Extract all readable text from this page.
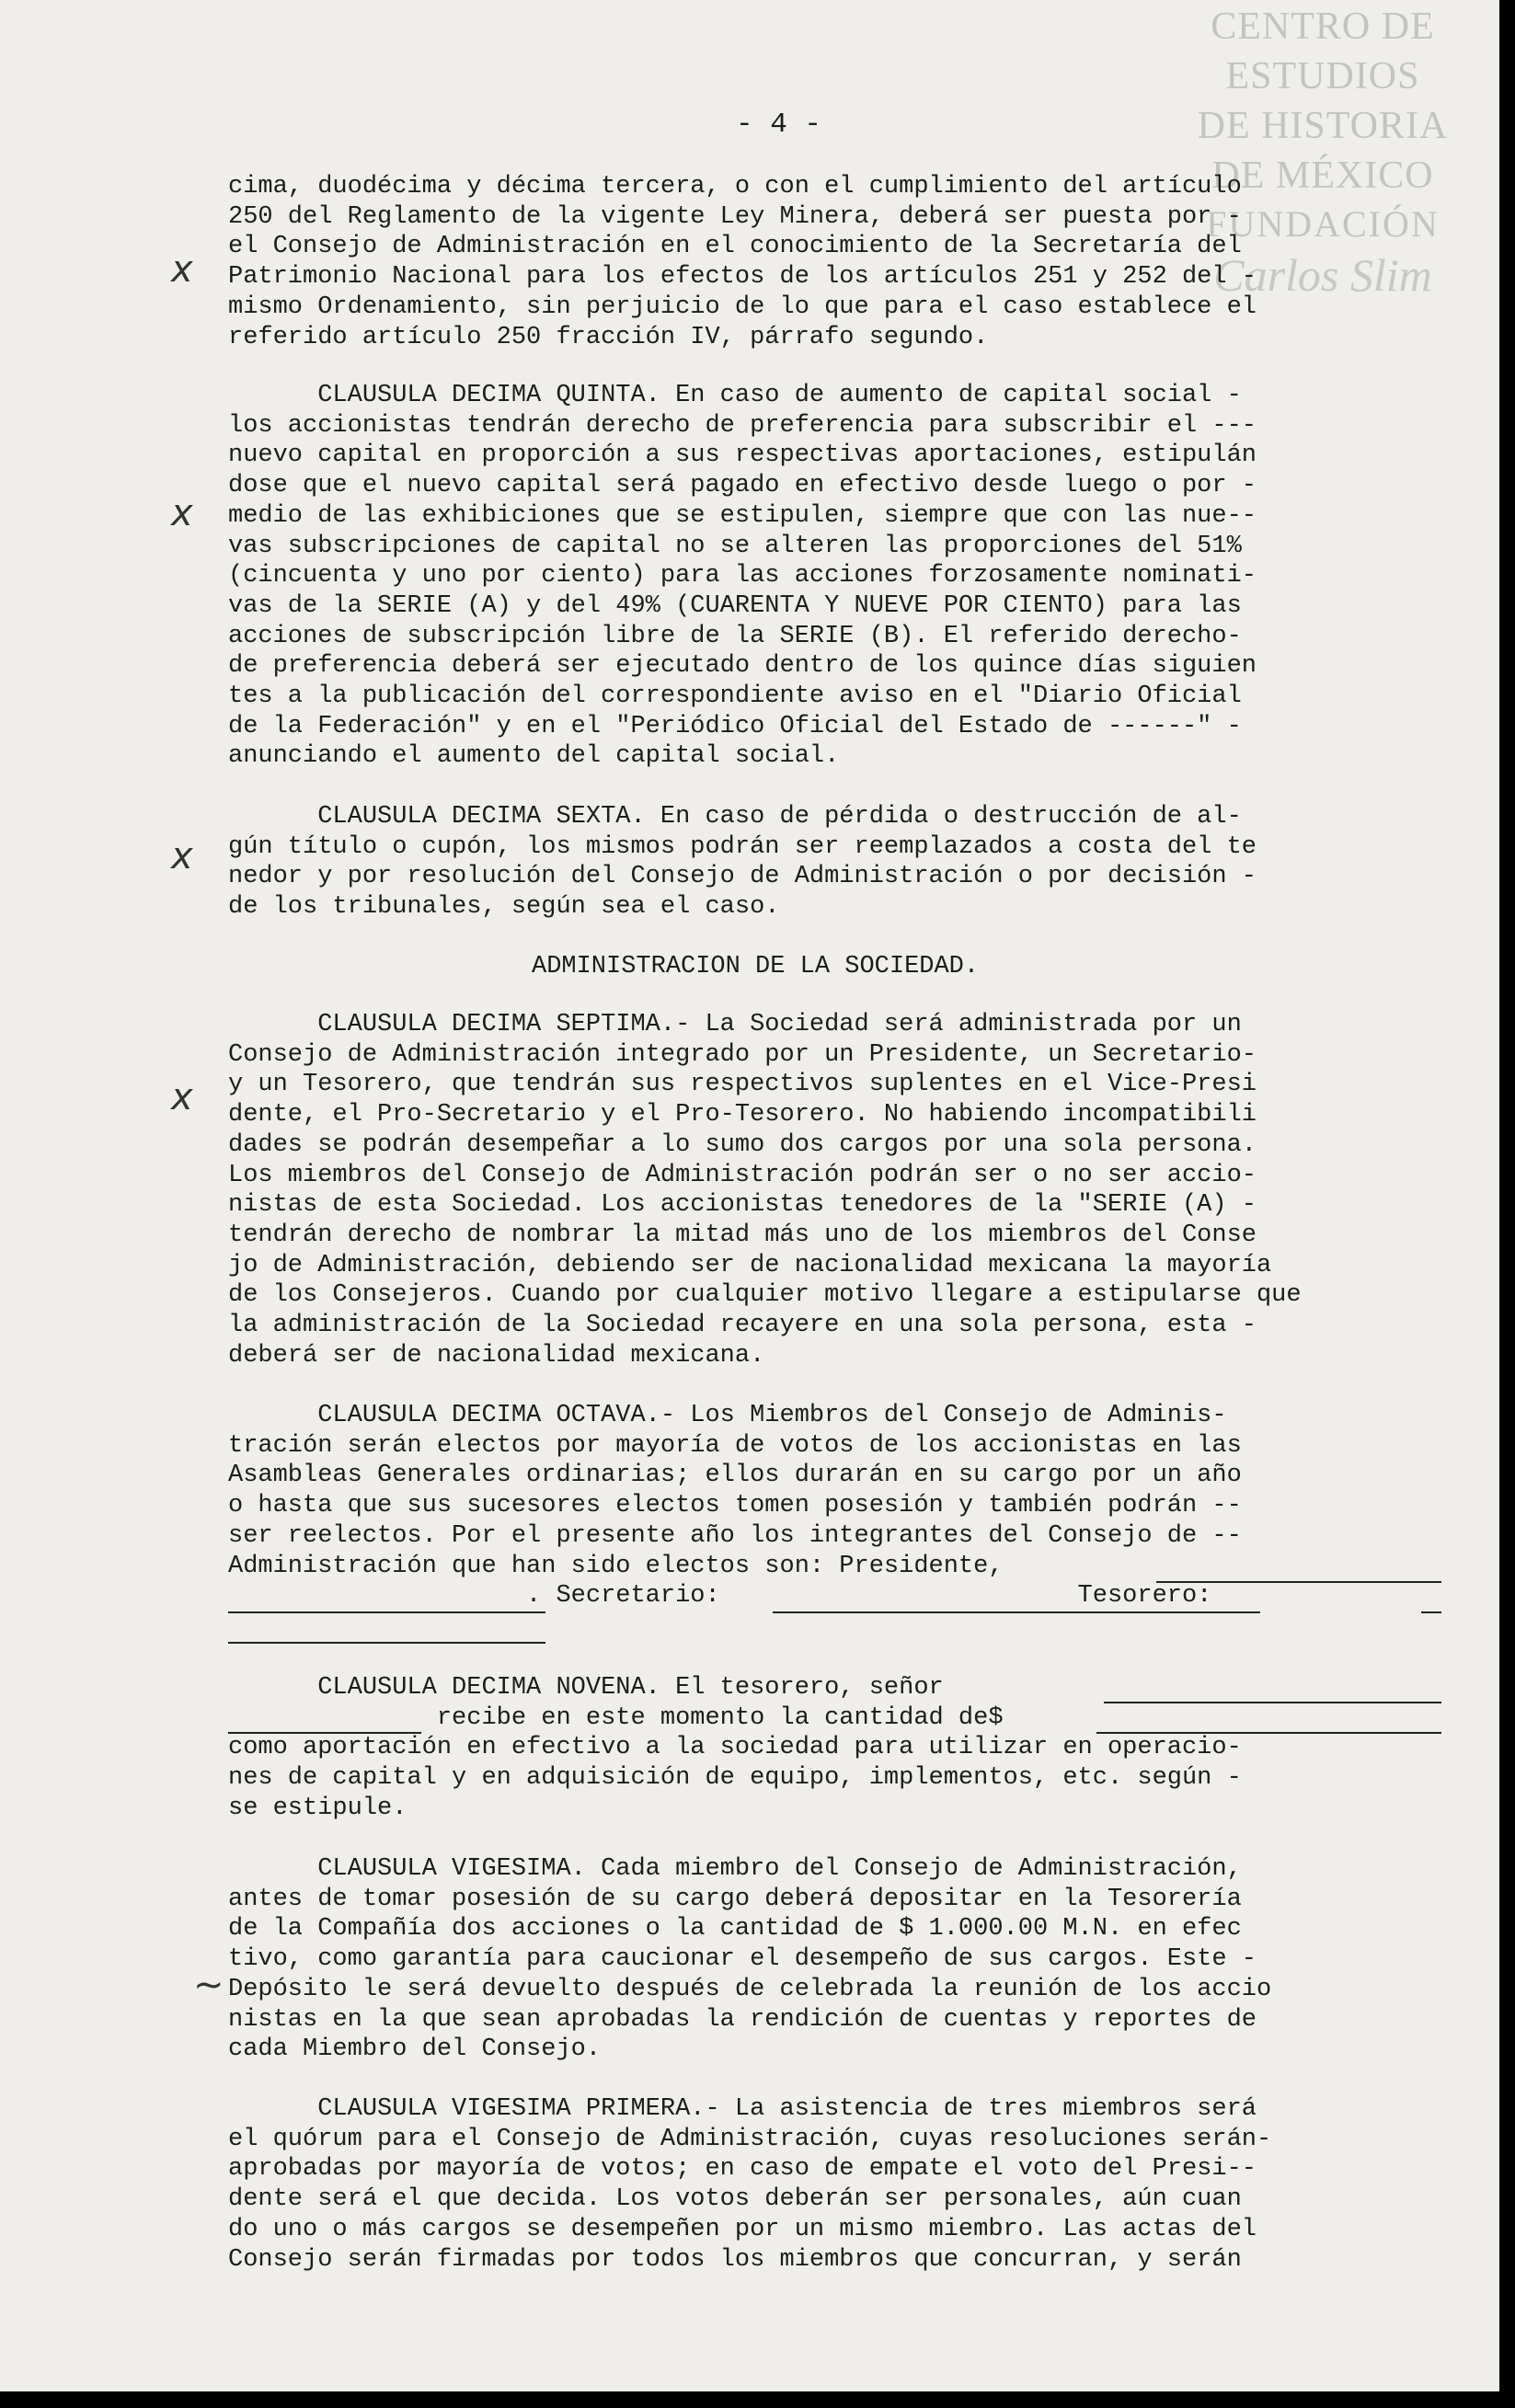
CENTRO DE
ESTUDIOS
DE HISTORIA
DE MÉXICO
FUNDACIÓN
Carlos Slim
- 4 -
cima, duodécima y décima tercera, o con el cumplimiento del artículo
250 del Reglamento de la vigente Ley Minera, deberá ser puesta por -
el Consejo de Administración en el conocimiento de la Secretaría del
Patrimonio Nacional para los efectos de los artículos 251 y 252 del -
mismo Ordenamiento, sin perjuicio de lo que para el caso establece el
referido artículo 250 fracción IV, párrafo segundo.
CLAUSULA DECIMA QUINTA. En caso de aumento de capital social -
los accionistas tendrán derecho de preferencia para subscribir el ---
nuevo capital en proporción a sus respectivas aportaciones, estipulán
dose que el nuevo capital será pagado en efectivo desde luego o por -
medio de las exhibiciones que se estipulen, siempre que con las nue--
vas subscripciones de capital no se alteren las proporciones del 51%
(cincuenta y uno por ciento) para las acciones forzosamente nominati-
vas de la SERIE (A) y del 49% (CUARENTA Y NUEVE POR CIENTO) para las
acciones de subscripción libre de la SERIE (B). El referido derecho-
de preferencia deberá ser ejecutado dentro de los quince días siguien
tes a la publicación del correspondiente aviso en el "Diario Oficial
de la Federación" y en el "Periódico Oficial del Estado de ------" -
anunciando el aumento del capital social.
CLAUSULA DECIMA SEXTA. En caso de pérdida o destrucción de al-
gún título o cupón, los mismos podrán ser reemplazados a costa del te
nedor y por resolución del Consejo de Administración o por decisión -
de los tribunales, según sea el caso.
ADMINISTRACION DE LA SOCIEDAD.
CLAUSULA DECIMA SEPTIMA.- La Sociedad será administrada por un
Consejo de Administración integrado por un Presidente, un Secretario-
y un Tesorero, que tendrán sus respectivos suplentes en el Vice-Presi
dente, el Pro-Secretario y el Pro-Tesorero. No habiendo incompatibili
dades se podrán desempeñar a lo sumo dos cargos por una sola persona.
Los miembros del Consejo de Administración podrán ser o no ser accio-
nistas de esta Sociedad. Los accionistas tenedores de la "SERIE (A) -
tendrán derecho de nombrar la mitad más uno de los miembros del Conse
jo de Administración, debiendo ser de nacionalidad mexicana la mayoría
de los Consejeros. Cuando por cualquier motivo llegare a estipularse que
la administración de la Sociedad recayere en una sola persona, esta -
deberá ser de nacionalidad mexicana.
CLAUSULA DECIMA OCTAVA.- Los Miembros del Consejo de Adminis-
tración serán electos por mayoría de votos de los accionistas en las
Asambleas Generales ordinarias; ellos durarán en su cargo por un año
o hasta que sus sucesores electos tomen posesión y también podrán --
ser reelectos. Por el presente año los integrantes del Consejo de --
Administración que han sido electos son: Presidente,
. Secretario:                        Tesorero:
CLAUSULA DECIMA NOVENA. El tesorero, señor
recibe en este momento la cantidad de$
como aportación en efectivo a la sociedad para utilizar en operacio-
nes de capital y en adquisición de equipo, implementos, etc. según -
se estipule.
CLAUSULA VIGESIMA. Cada miembro del Consejo de Administración,
antes de tomar posesión de su cargo deberá depositar en la Tesorería
de la Compañía dos acciones o la cantidad de $ 1.000.00 M.N. en efec
tivo, como garantía para caucionar el desempeño de sus cargos. Este -
Depósito le será devuelto después de celebrada la reunión de los accio
nistas en la que sean aprobadas la rendición de cuentas y reportes de
cada Miembro del Consejo.
CLAUSULA VIGESIMA PRIMERA.- La asistencia de tres miembros será
el quórum para el Consejo de Administración, cuyas resoluciones serán-
aprobadas por mayoría de votos; en caso de empate el voto del Presi--
dente será el que decida. Los votos deberán ser personales, aún cuan
do uno o más cargos se desempeñen por un mismo miembro. Las actas del
Consejo serán firmadas por todos los miembros que concurran, y serán
x
x
x
x
~
